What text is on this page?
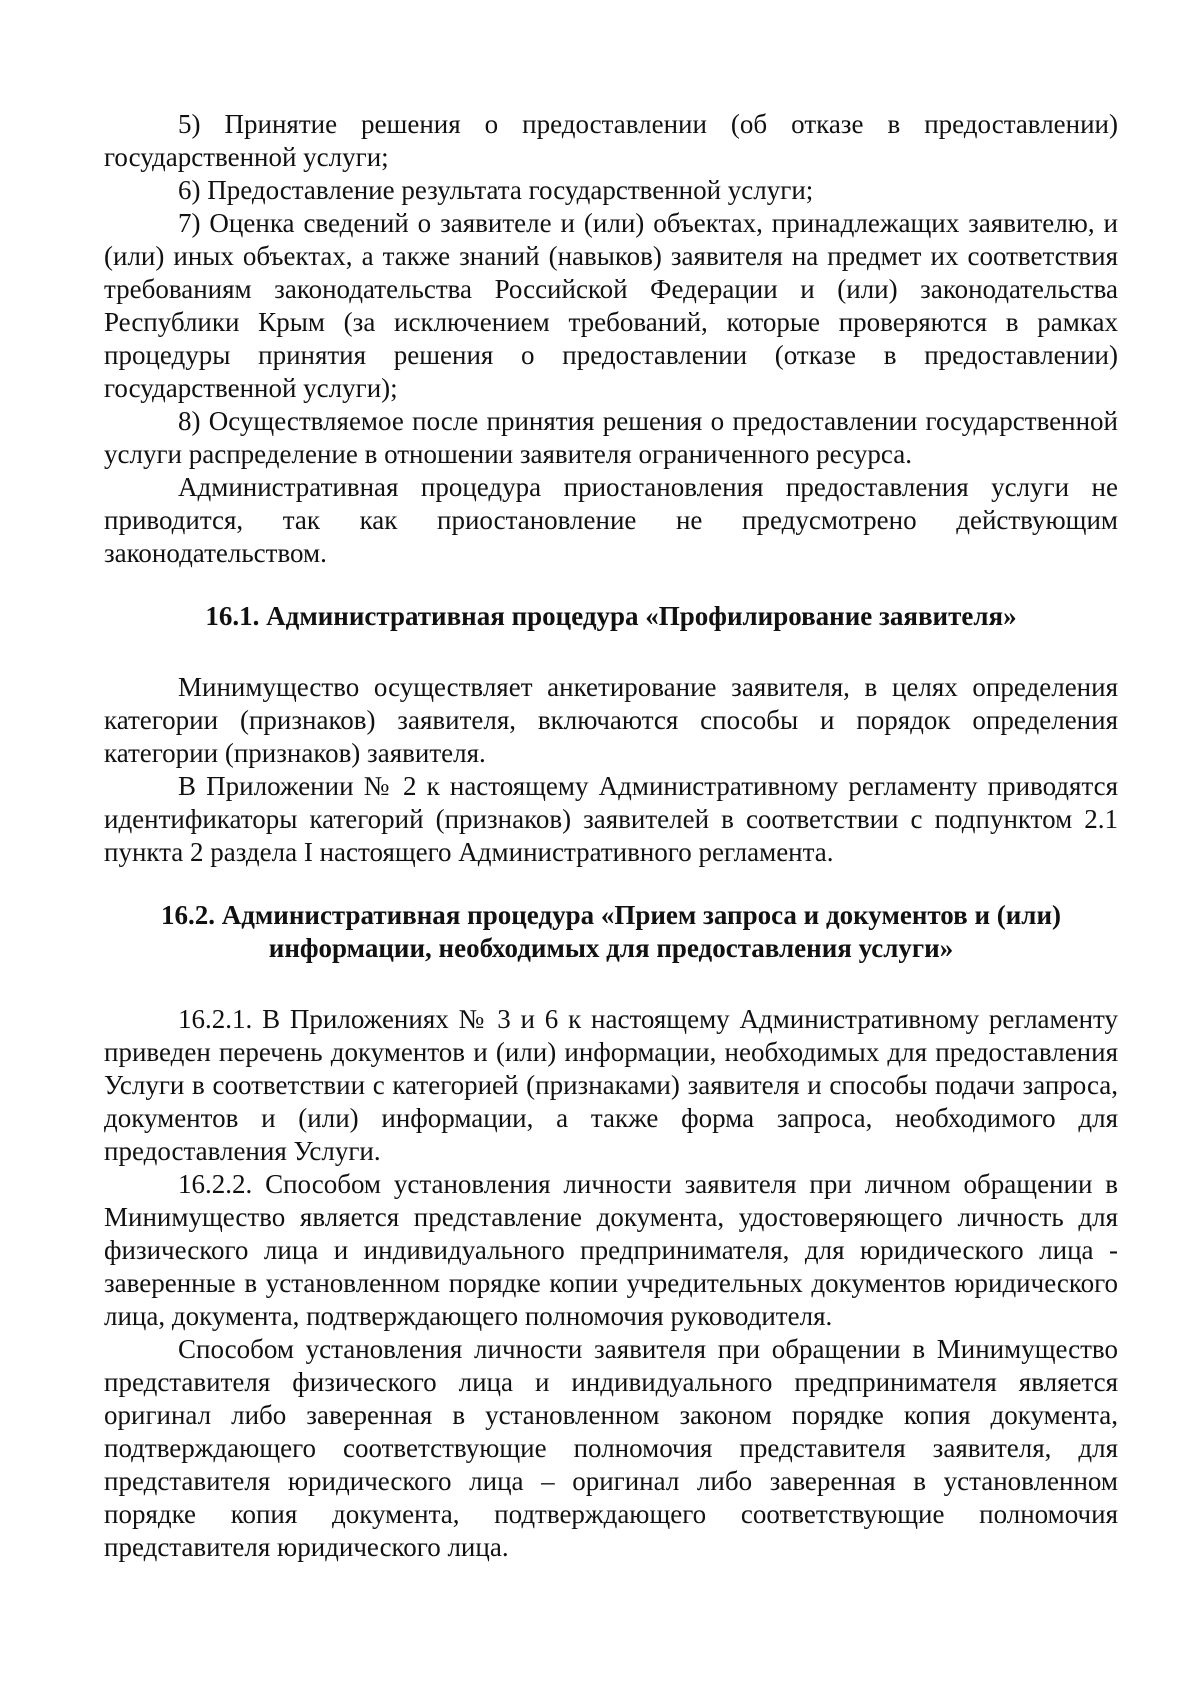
5) Принятие решения о предоставлении (об отказе в предоставлении) государственной услуги;

6) Предоставление результата государственной услуги;

7) Оценка сведений о заявителе и (или) объектах, принадлежащих заявителю, и (или) иных объектах, а также знаний (навыков) заявителя на предмет их соответствия требованиям законодательства Российской Федерации и (или) законодательства Республики Крым (за исключением требований, которые проверяются в рамках процедуры принятия решения о предоставлении (отказе в предоставлении) государственной услуги);

8) Осуществляемое после принятия решения о предоставлении государственной услуги распределение в отношении заявителя ограниченного ресурса.

Административная процедура приостановления предоставления услуги не приводится, так как приостановление не предусмотрено действующим законодательством.

16.1. Административная процедура «Профилирование заявителя»

Минимущество осуществляет анкетирование заявителя, в целях определения категории (признаков) заявителя, включаются способы и порядок определения категории (признаков) заявителя.

В Приложении № 2 к настоящему Административному регламенту приводятся идентификаторы категорий (признаков) заявителей в соответствии с подпунктом 2.1 пункта 2 раздела I настоящего Административного регламента.

16.2. Административная процедура «Прием запроса и документов и (или)
информации, необходимых для предоставления услуги»

16.2.1. В Приложениях № 3 и 6 к настоящему Административному регламенту приведен перечень документов и (или) информации, необходимых для предоставления Услуги в соответствии с категорией (признаками) заявителя и способы подачи запроса, документов и (или) информации, а также форма запроса, необходимого для предоставления Услуги.

16.2.2. Способом установления личности заявителя при личном обращении в Минимущество является представление документа, удостоверяющего личность для физического лица и индивидуального предпринимателя, для юридического лица - заверенные в установленном порядке копии учредительных документов юридического лица, документа, подтверждающего полномочия руководителя.

Способом установления личности заявителя при обращении в Минимущество представителя физического лица и индивидуального предпринимателя является оригинал либо заверенная в установленном законом порядке копия документа, подтверждающего соответствующие полномочия представителя заявителя, для представителя юридического лица – оригинал либо заверенная в установленном порядке копия документа, подтверждающего соответствующие полномочия представителя юридического лица.
